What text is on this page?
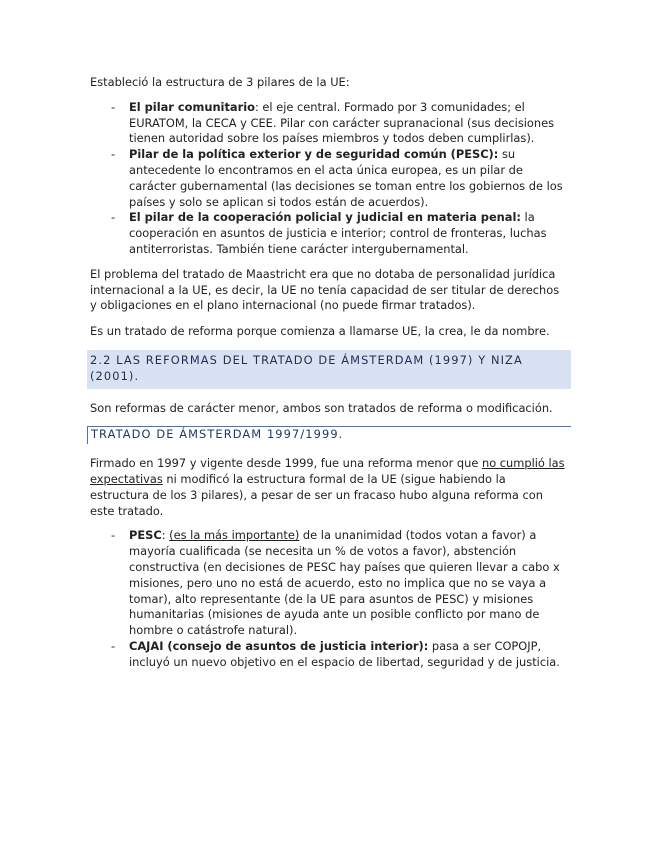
Estableció la estructura de 3 pilares de la UE:

- El pilar comunitario: el eje central. Formado por 3 comunidades; el EURATOM, la CECA y CEE. Pilar con carácter supranacional (sus decisiones tienen autoridad sobre los países miembros y todos deben cumplirlas).
- Pilar de la política exterior y de seguridad común (PESC): su antecedente lo encontramos en el acta única europea, es un pilar de carácter gubernamental (las decisiones se toman entre los gobiernos de los países y solo se aplican si todos están de acuerdos).
- El pilar de la cooperación policial y judicial en materia penal: la cooperación en asuntos de justicia e interior; control de fronteras, luchas antiterroristas. También tiene carácter intergubernamental.

El problema del tratado de Maastricht era que no dotaba de personalidad jurídica internacional a la UE, es decir, la UE no tenía capacidad de ser titular de derechos y obligaciones en el plano internacional (no puede firmar tratados).

Es un tratado de reforma porque comienza a llamarse UE, la crea, le da nombre.

2.2 LAS REFORMAS DEL TRATADO DE ÁMSTERDAM (1997) Y NIZA (2001).

Son reformas de carácter menor, ambos son tratados de reforma o modificación.

TRATADO DE ÁMSTERDAM 1997/1999.

Firmado en 1997 y vigente desde 1999, fue una reforma menor que no cumplió las expectativas ni modificó la estructura formal de la UE (sigue habiendo la estructura de los 3 pilares), a pesar de ser un fracaso hubo alguna reforma con este tratado.

- PESC: (es la más importante) de la unanimidad (todos votan a favor) a mayoría cualificada (se necesita un % de votos a favor), abstención constructiva (en decisiones de PESC hay países que quieren llevar a cabo x misiones, pero uno no está de acuerdo, esto no implica que no se vaya a tomar), alto representante (de la UE para asuntos de PESC) y misiones humanitarias (misiones de ayuda ante un posible conflicto por mano de hombre o catástrofe natural).
- CAJAI (consejo de asuntos de justicia interior): pasa a ser COPOJP, incluyó un nuevo objetivo en el espacio de libertad, seguridad y de justicia.
